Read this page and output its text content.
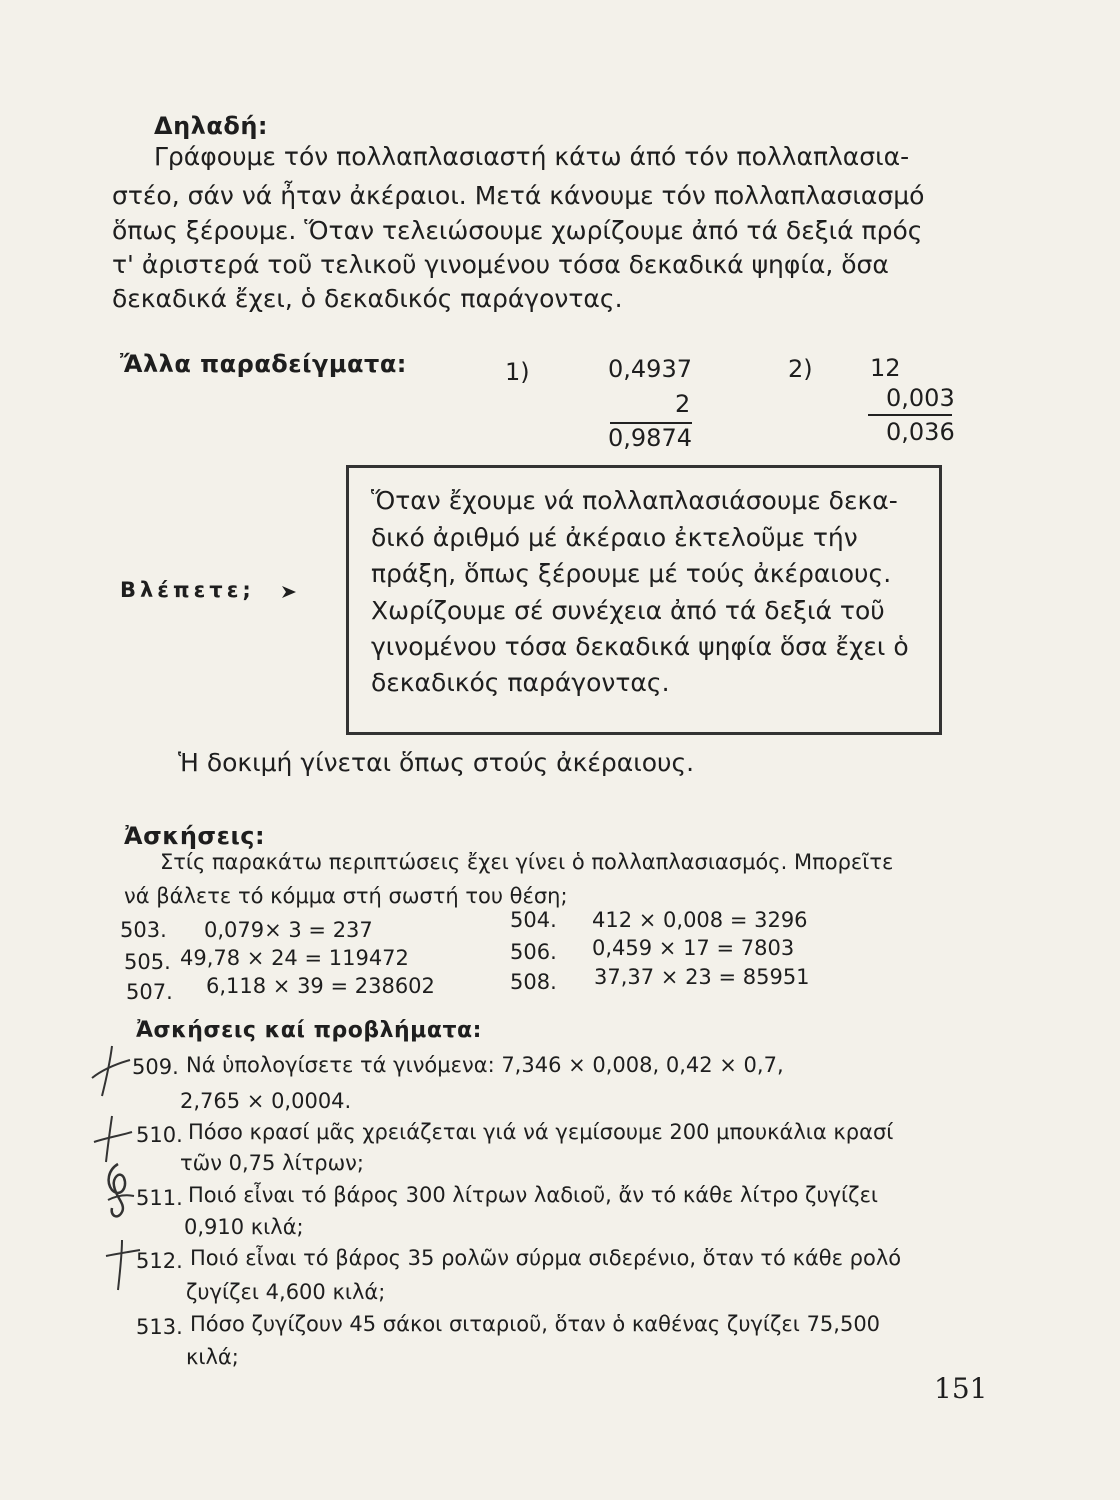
Δηλαδή:
Γράφουμε τόν πολλαπλασιαστή κάτω άπό τόν πολλαπλασια-
στέο, σάν νά ἦταν ἀκέραιοι. Μετά κάνουμε τόν πολλαπλασιασμό
ὅπως ξέρουμε. Ὅταν τελειώσουμε χωρίζουμε ἀπό τά δεξιά πρός
τ' ἀριστερά τοῦ τελικοῦ γινομένου τόσα δεκαδικά ψηφία, ὅσα
δεκαδικά ἔχει, ὁ δεκαδικός παράγοντας.
Ἄλλα παραδείγματα:	1)	0,4937
2
0,9874
2) 12
0,003
0,036
Ὅταν ἔχουμε νά πολλαπλασιάσουμε δεκα-
δικό ἀριθμό μέ ἀκέραιο ἐκτελοῦμε τήν
πράξη, ὅπως ξέρουμε μέ τούς ἀκέραιους.
Χωρίζουμε σέ συνέχεια ἀπό τά δεξιά τοῦ
γινομένου τόσα δεκαδικά ψηφία ὅσα ἔχει ὁ
δεκαδικός παράγοντας.
Βλέπετε;
Ἡ δοκιμή γίνεται ὅπως στούς ἀκέραιους.
Ἀσκήσεις:
Στίς παρακάτω περιπτώσεις ἔχει γίνει ὁ πολλαπλασιασμός. Μπορεῖτε
νά βάλετε τό κόμμα στή σωστή του θέση;
503. 0,079× 3 = 237	504. 412 × 0,008 = 3296
505. 49,78 × 24 = 119472	506. 0,459 × 17 = 7803
507. 6,118 × 39 = 238602	508. 37,37 × 23 = 85951
Ἀσκήσεις καί προβλήματα:
509. Νά ὑπολογίσετε τά γινόμενα: 7,346 × 0,008, 0,42 × 0,7,
2,765 × 0,0004.
510. Πόσο κρασί μᾶς χρειάζεται γιά νά γεμίσουμε 200 μπουκάλια κρασί
τῶν 0,75 λίτρων;
511. Ποιό εἶναι τό βάρος 300 λίτρων λαδιοῦ, ἄν τό κάθε λίτρο ζυγίζει
0,910 κιλά;
512. Ποιό εἶναι τό βάρος 35 ρολῶν σύρμα σιδερένιο, ὅταν τό κάθε ρολό
ζυγίζει 4,600 κιλά;
513. Πόσο ζυγίζουν 45 σάκοι σιταριοῦ, ὅταν ὁ καθένας ζυγίζει 75,500
κιλά;
151
